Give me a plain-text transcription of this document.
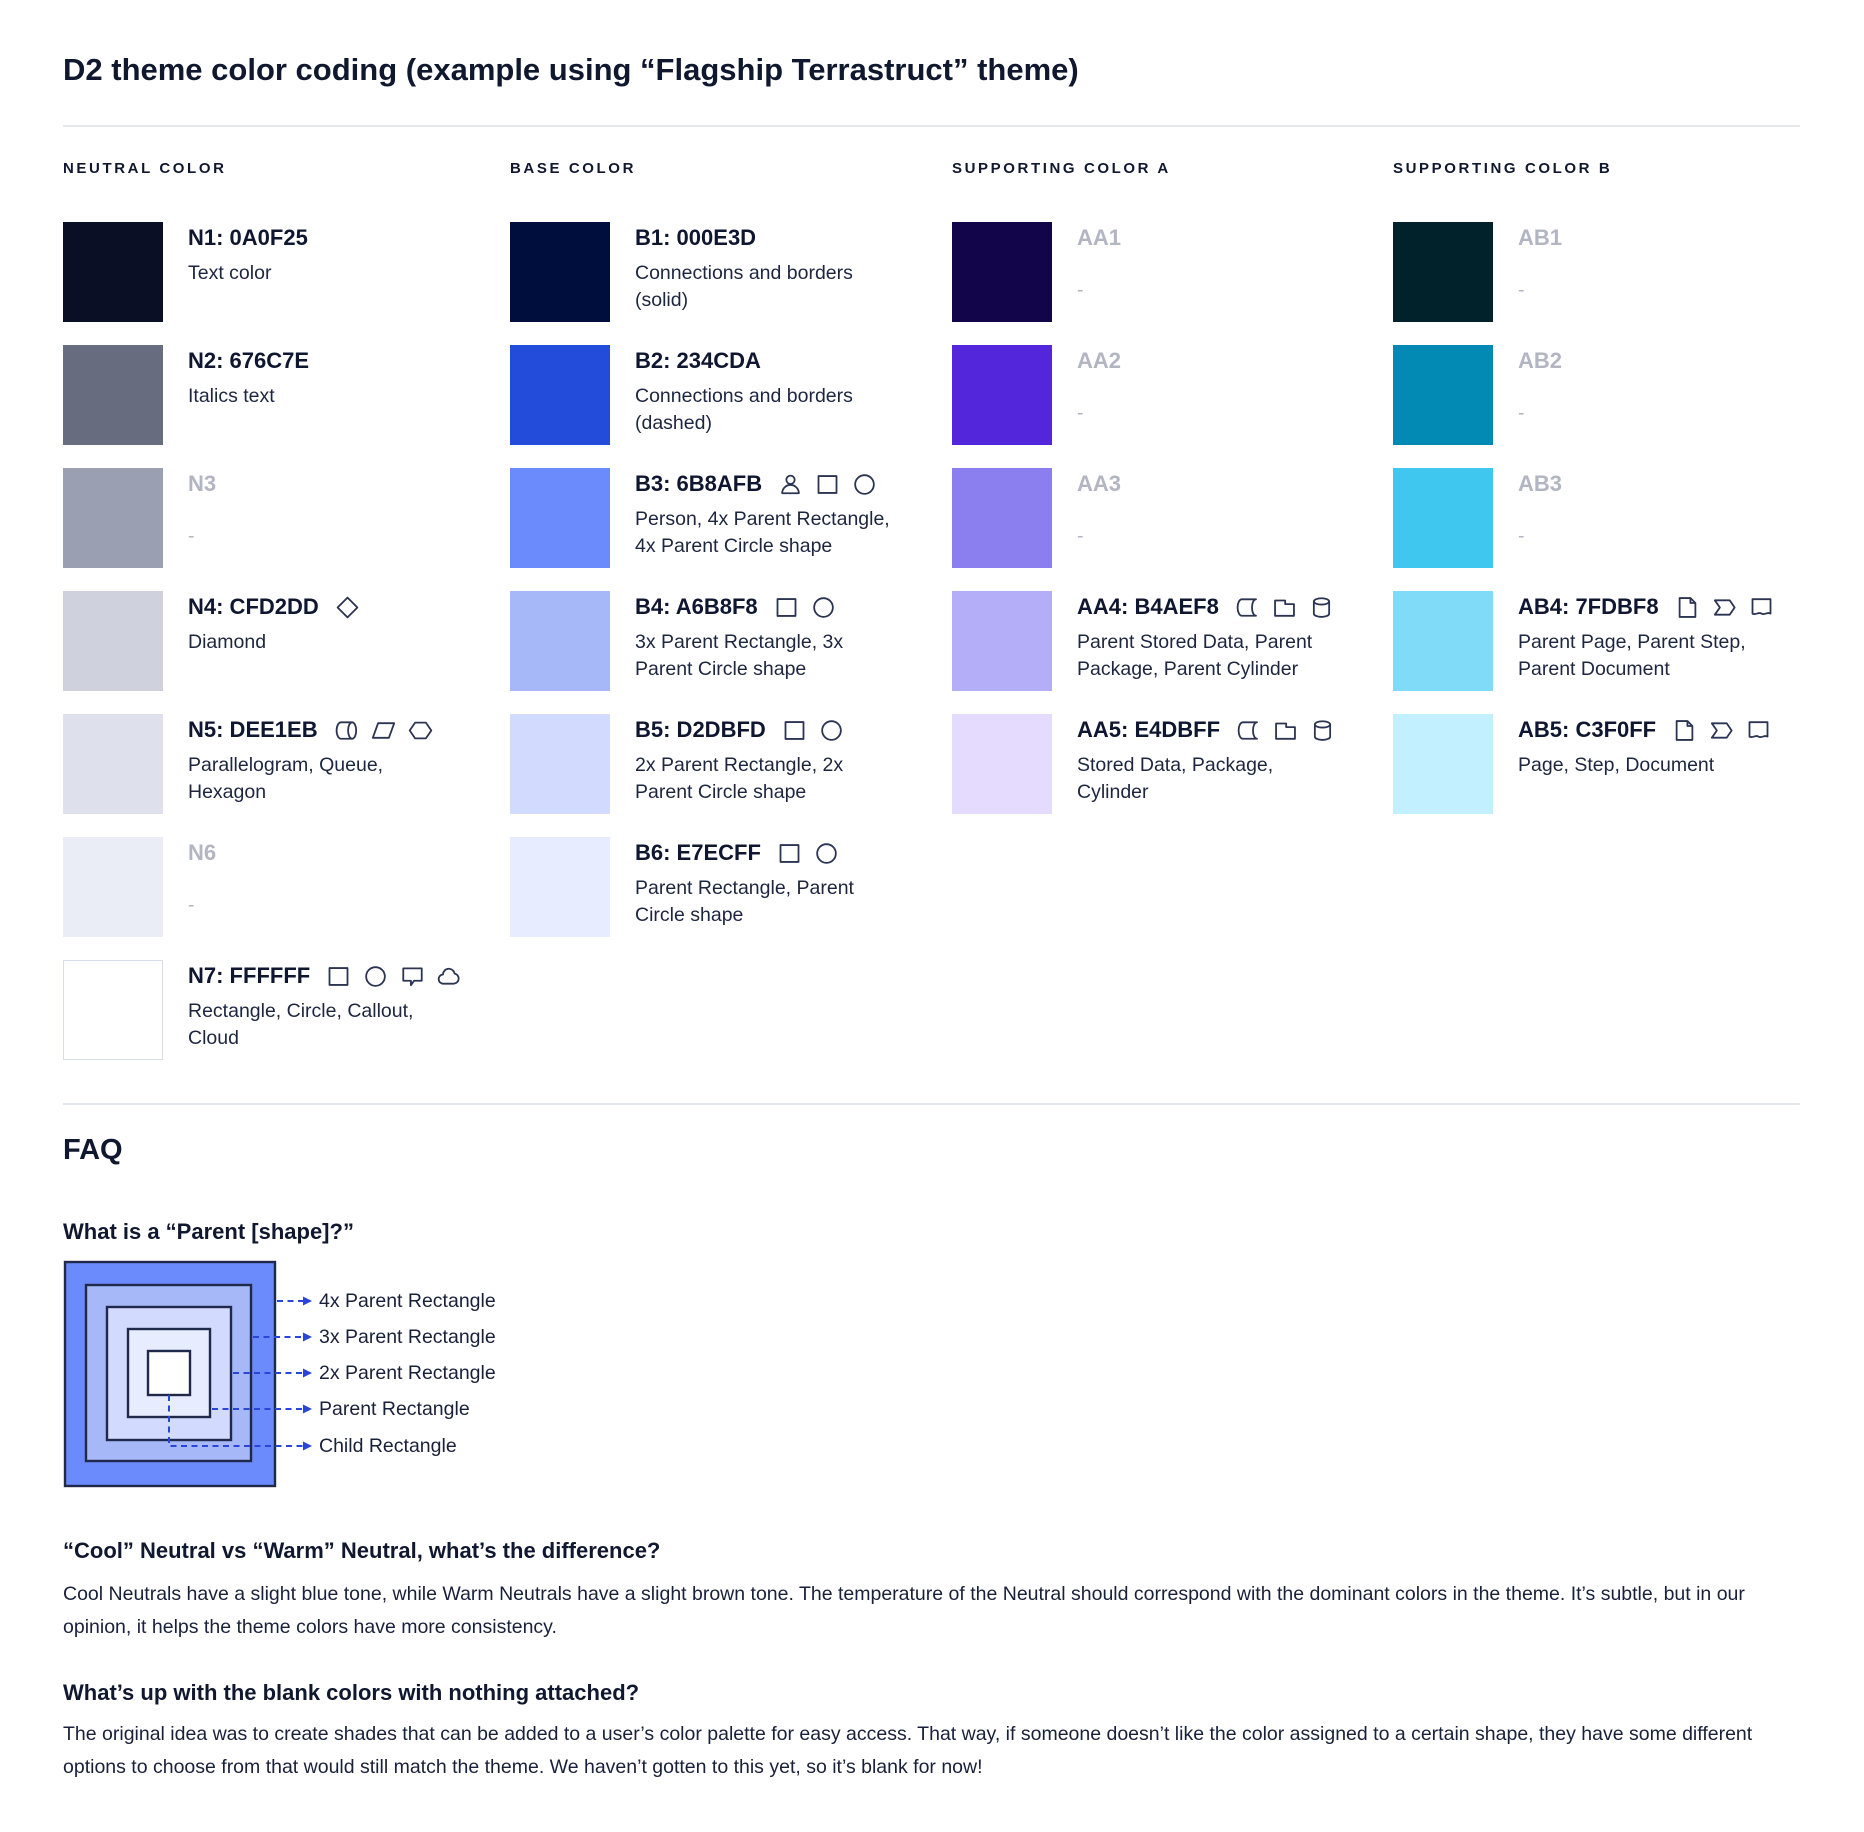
D2 theme color coding (example using “Flagship Terrastruct” theme)
NEUTRAL COLOR
N1: 0A0F25
Text color
N2: 676C7E
Italics text
N3
-
N4: CFD2DD
Diamond
N5: DEE1EB
Parallelogram, Queue, Hexagon
N6
-
N7: FFFFFF
Rectangle, Circle, Callout, Cloud
BASE COLOR
B1: 000E3D
Connections and borders (solid)
B2: 234CDA
Connections and borders (dashed)
B3: 6B8AFB
Person, 4x Parent Rectangle, 4x Parent Circle shape
B4: A6B8F8
3x Parent Rectangle, 3x Parent Circle shape
B5: D2DBFD
2x Parent Rectangle, 2x Parent Circle shape
B6: E7ECFF
Parent Rectangle, Parent Circle shape
SUPPORTING COLOR A
AA1
-
AA2
-
AA3
-
AA4: B4AEF8
Parent Stored Data, Parent Package, Parent Cylinder
AA5: E4DBFF
Stored Data, Package, Cylinder
SUPPORTING COLOR B
AB1
-
AB2
-
AB3
-
AB4: 7FDBF8
Parent Page, Parent Step, Parent Document
AB5: C3F0FF
Page, Step, Document
FAQ
What is a “Parent [shape]?”
4x Parent Rectangle
3x Parent Rectangle
2x Parent Rectangle
Parent Rectangle
Child Rectangle
“Cool” Neutral vs “Warm” Neutral, what’s the difference?
Cool Neutrals have a slight blue tone, while Warm Neutrals have a slight brown tone. The temperature of the Neutral should correspond with the dominant colors in the theme. It’s subtle, but in our opinion, it helps the theme colors have more consistency.
What’s up with the blank colors with nothing attached?
The original idea was to create shades that can be added to a user’s color palette for easy access. That way, if someone doesn’t like the color assigned to a certain shape, they have some different options to choose from that would still match the theme. We haven’t gotten to this yet, so it’s blank for now!
